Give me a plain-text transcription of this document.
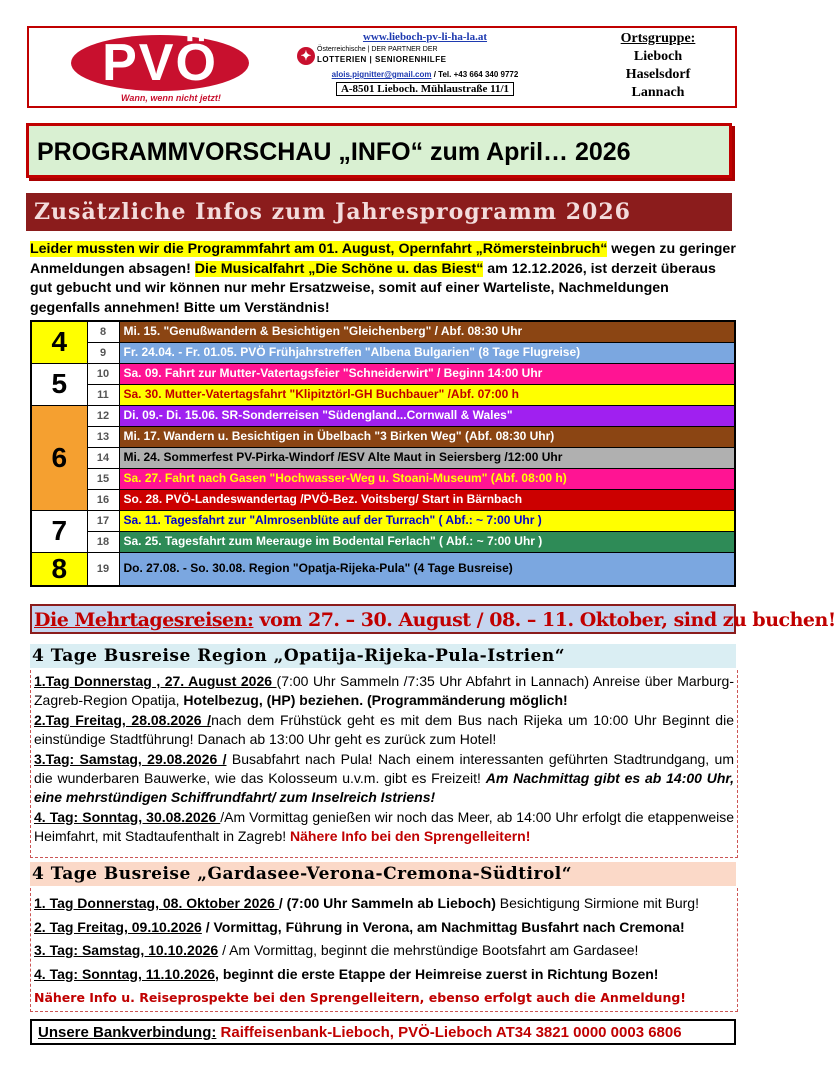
PVÖ
Wann, wenn nicht jetzt!
www.lieboch-pv-li-ha-la.at
✦ Österreichische | DER PARTNER DER
LOTTERIEN | SENIORENHILFE
alois.pignitter@gmail.com / Tel. +43 664 340 9772
A-8501 Lieboch. Mühlaustraße 11/1
Ortsgruppe:
Lieboch
Haselsdorf
Lannach
PROGRAMMVORSCHAU „INFO“ zum April… 2026
Zusätzliche Infos zum Jahresprogramm 2026
Leider mussten wir die Programmfahrt am 01. August, Opernfahrt „Römersteinbruch“ wegen zu geringer Anmeldungen absagen! Die Musicalfahrt „Die Schöne u. das Biest“ am 12.12.2026, ist derzeit überaus gut gebucht und wir können nur mehr Ersatzweise, somit auf einer Warteliste, Nachmeldungen gegenfalls annehmen! Bitte um Verständnis!
4	8	Mi. 15. "Genußwandern & Besichtigen "Gleichenberg" / Abf. 08:30 Uhr
	9	Fr. 24.04. - Fr. 01.05. PVÖ Frühjahrstreffen "Albena Bulgarien" (8 Tage Flugreise)
5	10	Sa. 09. Fahrt zur Mutter-Vatertagsfeier "Schneiderwirt" / Beginn 14:00 Uhr
	11	Sa. 30. Mutter-Vatertagsfahrt "Klipitztörl-GH Buchbauer" /Abf. 07:00 h
6	12	Di. 09.- Di. 15.06. SR-Sonderreisen "Südengland...Cornwall & Wales"
	13	Mi. 17. Wandern u. Besichtigen in Übelbach "3 Birken Weg" (Abf. 08:30 Uhr)
	14	Mi. 24. Sommerfest PV-Pirka-Windorf /ESV Alte Maut in Seiersberg /12:00 Uhr
	15	Sa. 27. Fahrt nach Gasen "Hochwasser-Weg u. Stoani-Museum" (Abf. 08:00 h)
	16	So. 28. PVÖ-Landeswandertag /PVÖ-Bez. Voitsberg/ Start in Bärnbach
7	17	Sa. 11. Tagesfahrt zur "Almrosenblüte auf der Turrach" ( Abf.: ~ 7:00 Uhr )
	18	Sa. 25. Tagesfahrt zum Meerauge im Bodental Ferlach" ( Abf.: ~ 7:00 Uhr )
8	19	Do. 27.08. - So. 30.08. Region "Opatja-Rijeka-Pula" (4 Tage Busreise)
Die Mehrtagesreisen: vom 27. – 30. August / 08. – 11. Oktober, sind zu buchen!
4 Tage Busreise Region „Opatija-Rijeka-Pula-Istrien“
1.Tag Donnerstag , 27. August 2026 (7:00 Uhr Sammeln /7:35 Uhr Abfahrt in Lannach) Anreise über Marburg-Zagreb-Region Opatija, Hotelbezug, (HP) beziehen. (Programmänderung möglich!
2.Tag Freitag, 28.08.2026 /nach dem Frühstück geht es mit dem Bus nach Rijeka um 10:00 Uhr Beginnt die einstündige Stadtführung! Danach ab 13:00 Uhr geht es zurück zum Hotel!
3.Tag: Samstag, 29.08.2026 / Busabfahrt nach Pula! Nach einem interessanten geführten Stadtrundgang, um die wunderbaren Bauwerke, wie das Kolosseum u.v.m. gibt es Freizeit! Am Nachmittag gibt es ab 14:00 Uhr, eine mehrstündigen Schiffrundfahrt/ zum Inselreich Istriens!
4. Tag: Sonntag, 30.08.2026 /Am Vormittag genießen wir noch das Meer, ab 14:00 Uhr erfolgt die etappenweise Heimfahrt, mit Stadtaufenthalt in Zagreb! Nähere Info bei den Sprengelleitern!
4 Tage Busreise „Gardasee-Verona-Cremona-Südtirol“
1. Tag Donnerstag, 08. Oktober 2026 / (7:00 Uhr Sammeln ab Lieboch) Besichtigung Sirmione mit Burg!
2. Tag Freitag, 09.10.2026 / Vormittag, Führung in Verona, am Nachmittag Busfahrt nach Cremona!
3. Tag: Samstag, 10.10.2026 / Am Vormittag, beginnt die mehrstündige Bootsfahrt am Gardasee!
4. Tag: Sonntag, 11.10.2026, beginnt die erste Etappe der Heimreise zuerst in Richtung Bozen!
Nähere Info u. Reiseprospekte bei den Sprengelleitern, ebenso erfolgt auch die Anmeldung!
Unsere Bankverbindung: Raiffeisenbank-Lieboch, PVÖ-Lieboch AT34 3821 0000 0003 6806
